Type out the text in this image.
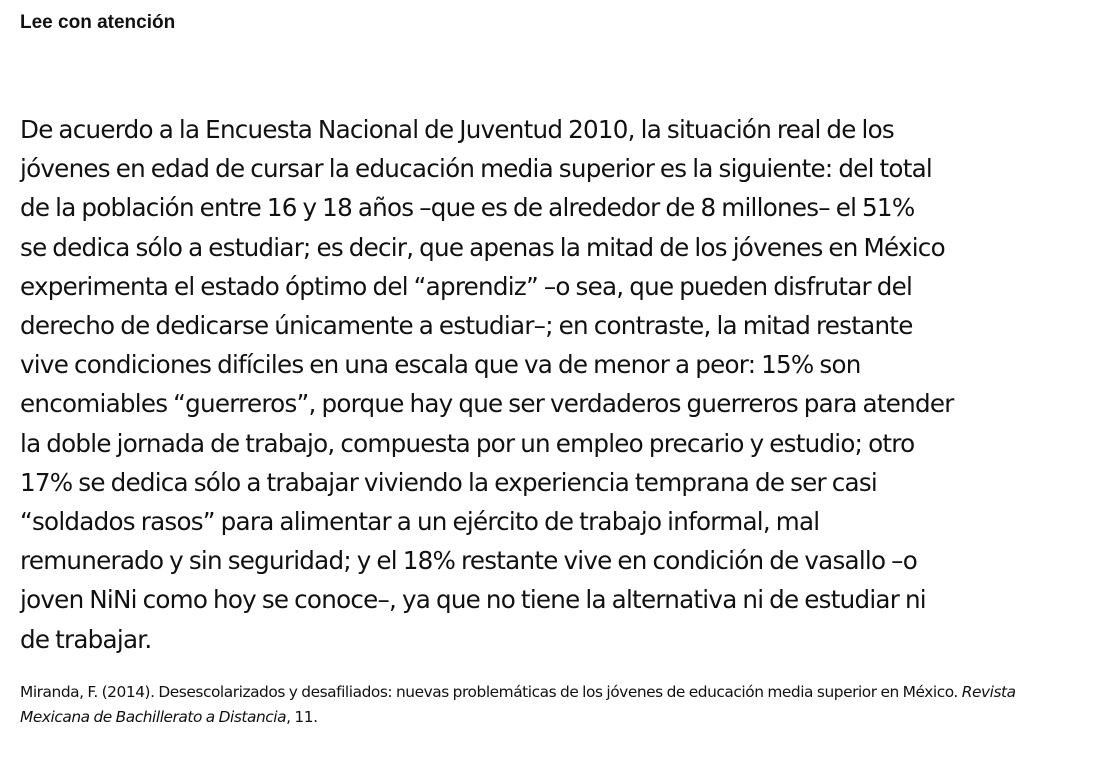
Lee con atención

De acuerdo a la Encuesta Nacional de Juventud 2010, la situación real de los
jóvenes en edad de cursar la educación media superior es la siguiente: del total
de la población entre 16 y 18 años –que es de alrededor de 8 millones– el 51%
se dedica sólo a estudiar; es decir, que apenas la mitad de los jóvenes en México
experimenta el estado óptimo del “aprendiz” –o sea, que pueden disfrutar del
derecho de dedicarse únicamente a estudiar–; en contraste, la mitad restante
vive condiciones difíciles en una escala que va de menor a peor: 15% son
encomiables “guerreros”, porque hay que ser verdaderos guerreros para atender
la doble jornada de trabajo, compuesta por un empleo precario y estudio; otro
17% se dedica sólo a trabajar viviendo la experiencia temprana de ser casi
“soldados rasos” para alimentar a un ejército de trabajo informal, mal
remunerado y sin seguridad; y el 18% restante vive en condición de vasallo –o
joven NiNi como hoy se conoce–, ya que no tiene la alternativa ni de estudiar ni
de trabajar.

Miranda, F. (2014). Desescolarizados y desafiliados: nuevas problemáticas de los jóvenes de educación media superior en México. Revista Mexicana de Bachillerato a Distancia, 11.
